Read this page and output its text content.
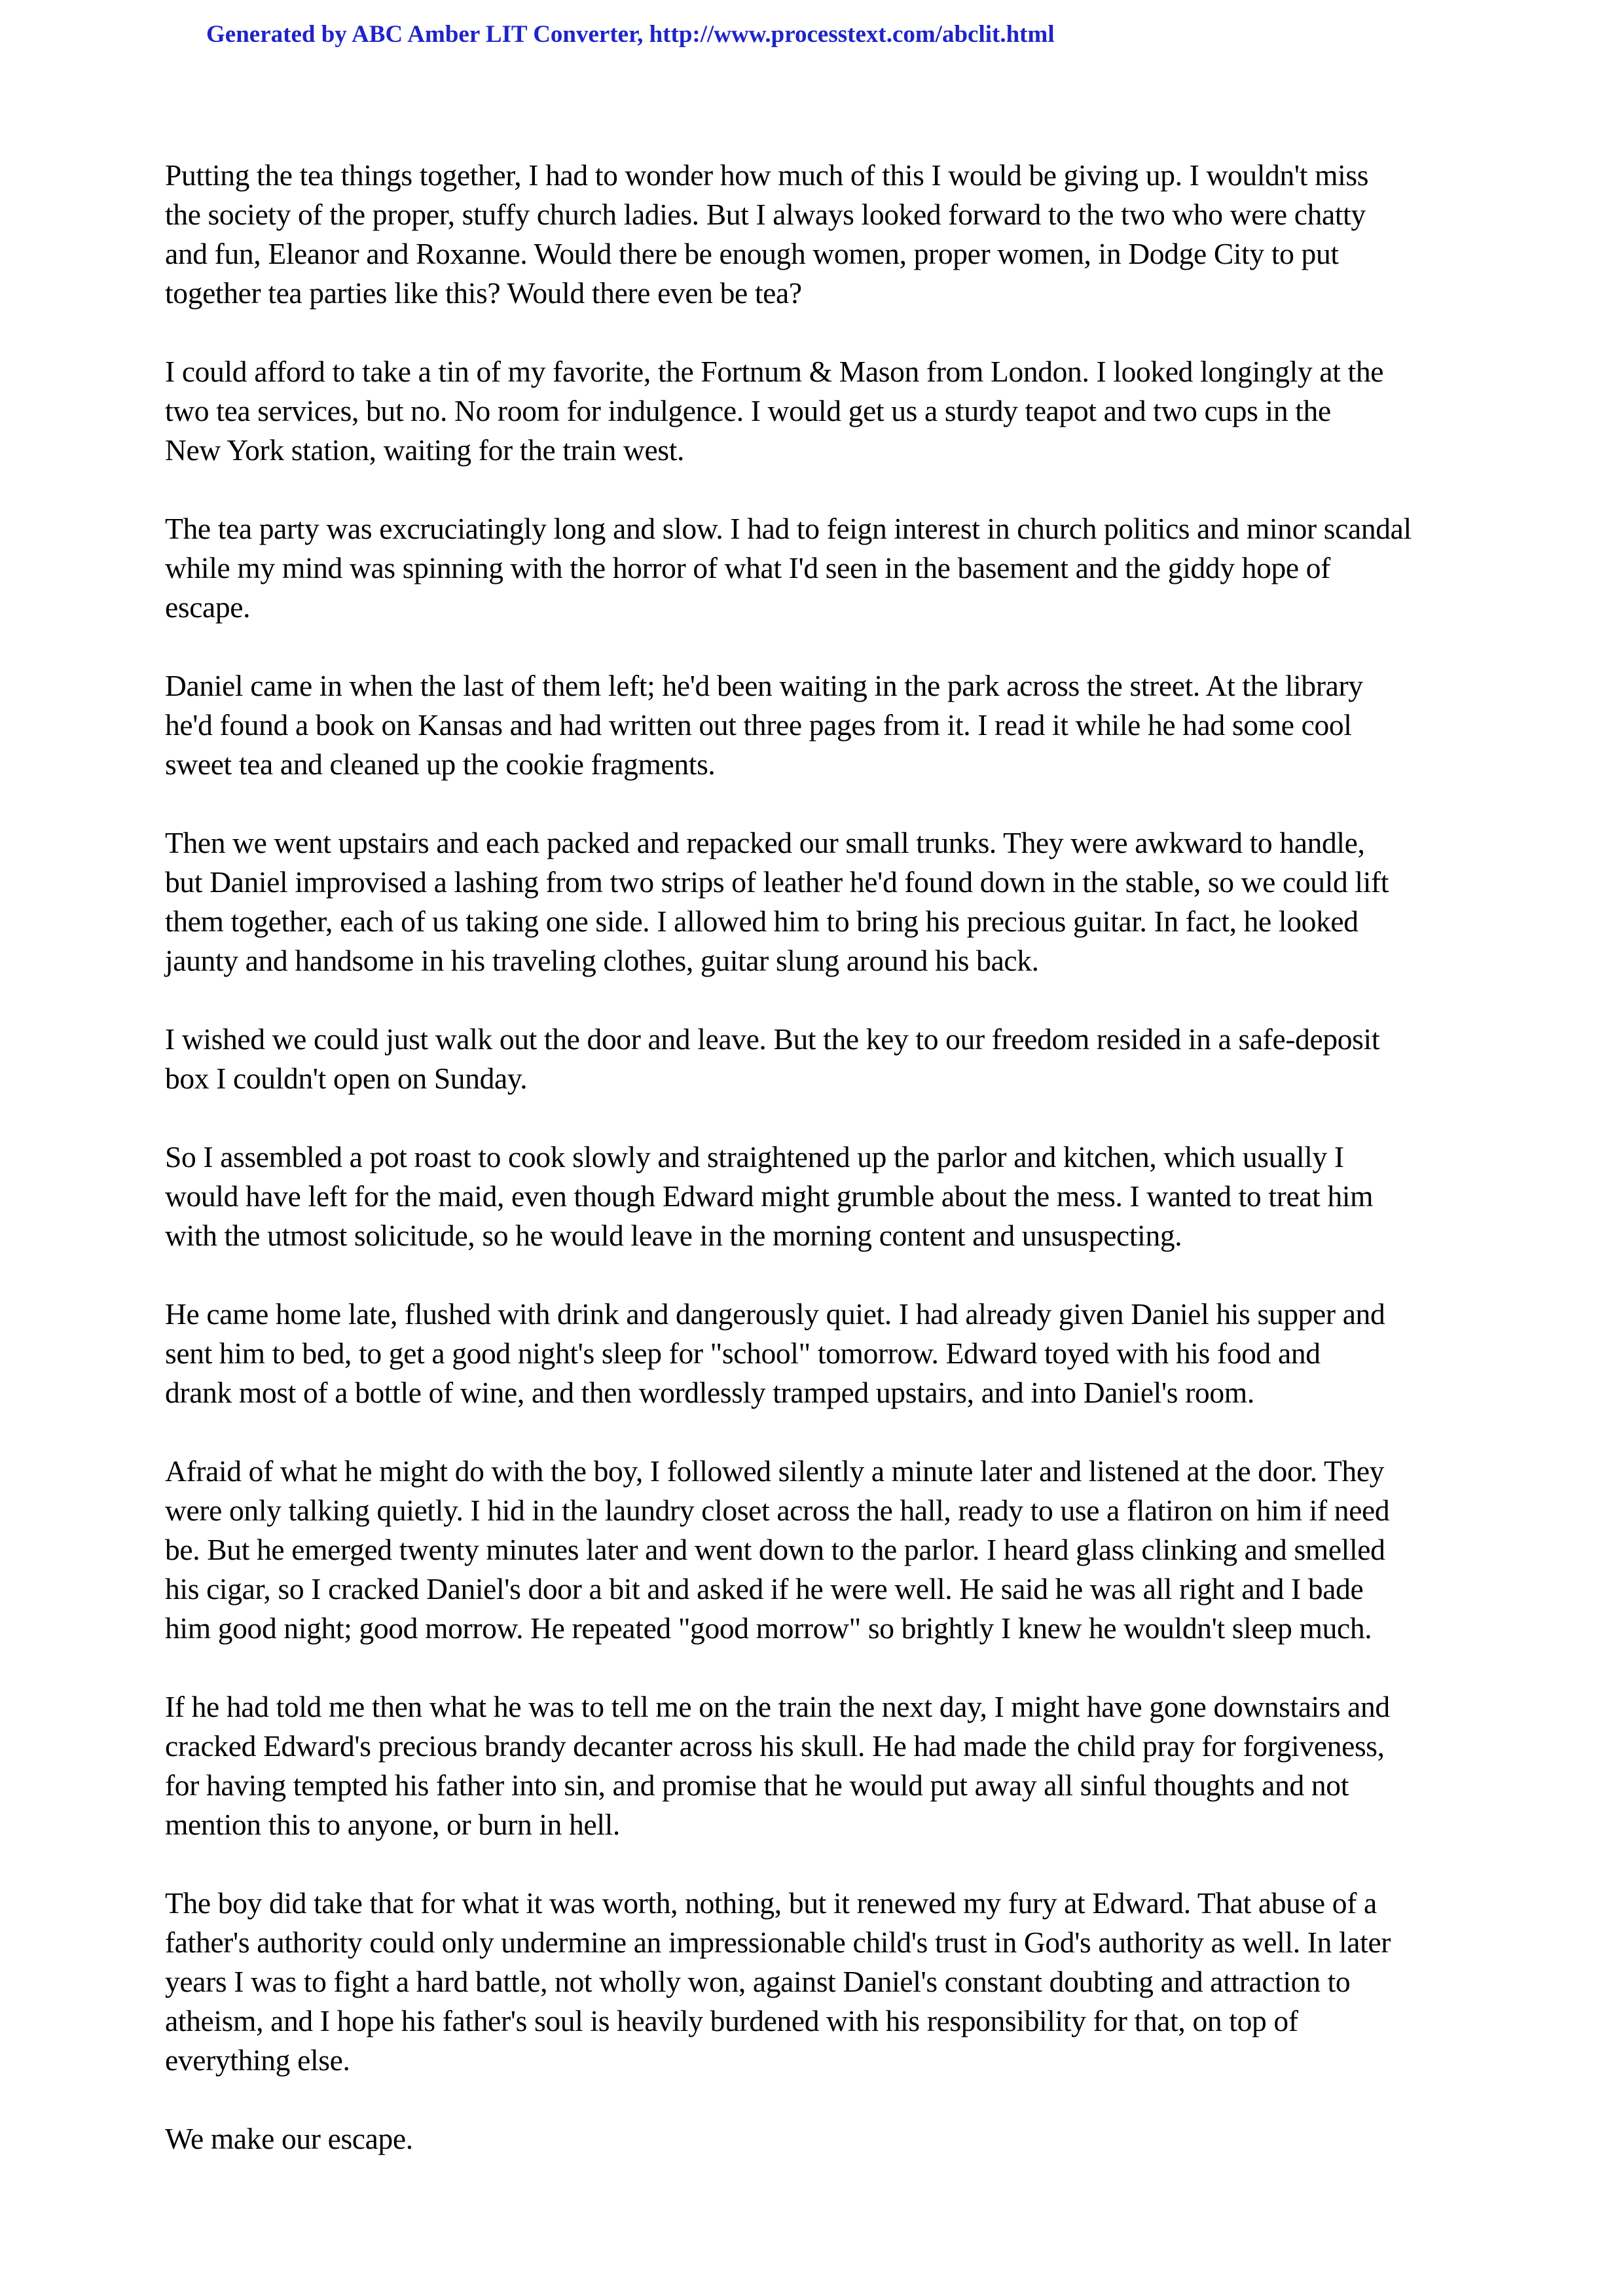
Generated by ABC Amber LIT Converter, http://www.processtext.com/abclit.html

Putting the tea things together, I had to wonder how much of this I would be giving up. I wouldn't miss
the society of the proper, stuffy church ladies. But I always looked forward to the two who were chatty
and fun, Eleanor and Roxanne. Would there be enough women, proper women, in Dodge City to put
together tea parties like this? Would there even be tea?

I could afford to take a tin of my favorite, the Fortnum & Mason from London. I looked longingly at the
two tea services, but no. No room for indulgence. I would get us a sturdy teapot and two cups in the
New York station, waiting for the train west.

The tea party was excruciatingly long and slow. I had to feign interest in church politics and minor scandal
while my mind was spinning with the horror of what I'd seen in the basement and the giddy hope of
escape.

Daniel came in when the last of them left; he'd been waiting in the park across the street. At the library
he'd found a book on Kansas and had written out three pages from it. I read it while he had some cool
sweet tea and cleaned up the cookie fragments.

Then we went upstairs and each packed and repacked our small trunks. They were awkward to handle,
but Daniel improvised a lashing from two strips of leather he'd found down in the stable, so we could lift
them together, each of us taking one side. I allowed him to bring his precious guitar. In fact, he looked
jaunty and handsome in his traveling clothes, guitar slung around his back.

I wished we could just walk out the door and leave. But the key to our freedom resided in a safe-deposit
box I couldn't open on Sunday.

So I assembled a pot roast to cook slowly and straightened up the parlor and kitchen, which usually I
would have left for the maid, even though Edward might grumble about the mess. I wanted to treat him
with the utmost solicitude, so he would leave in the morning content and unsuspecting.

He came home late, flushed with drink and dangerously quiet. I had already given Daniel his supper and
sent him to bed, to get a good night's sleep for "school" tomorrow. Edward toyed with his food and
drank most of a bottle of wine, and then wordlessly tramped upstairs, and into Daniel's room.

Afraid of what he might do with the boy, I followed silently a minute later and listened at the door. They
were only talking quietly. I hid in the laundry closet across the hall, ready to use a flatiron on him if need
be. But he emerged twenty minutes later and went down to the parlor. I heard glass clinking and smelled
his cigar, so I cracked Daniel's door a bit and asked if he were well. He said he was all right and I bade
him good night; good morrow. He repeated "good morrow" so brightly I knew he wouldn't sleep much.

If he had told me then what he was to tell me on the train the next day, I might have gone downstairs and
cracked Edward's precious brandy decanter across his skull. He had made the child pray for forgiveness,
for having tempted his father into sin, and promise that he would put away all sinful thoughts and not
mention this to anyone, or burn in hell.

The boy did take that for what it was worth, nothing, but it renewed my fury at Edward. That abuse of a
father's authority could only undermine an impressionable child's trust in God's authority as well. In later
years I was to fight a hard battle, not wholly won, against Daniel's constant doubting and attraction to
atheism, and I hope his father's soul is heavily burdened with his responsibility for that, on top of
everything else.

We make our escape.
